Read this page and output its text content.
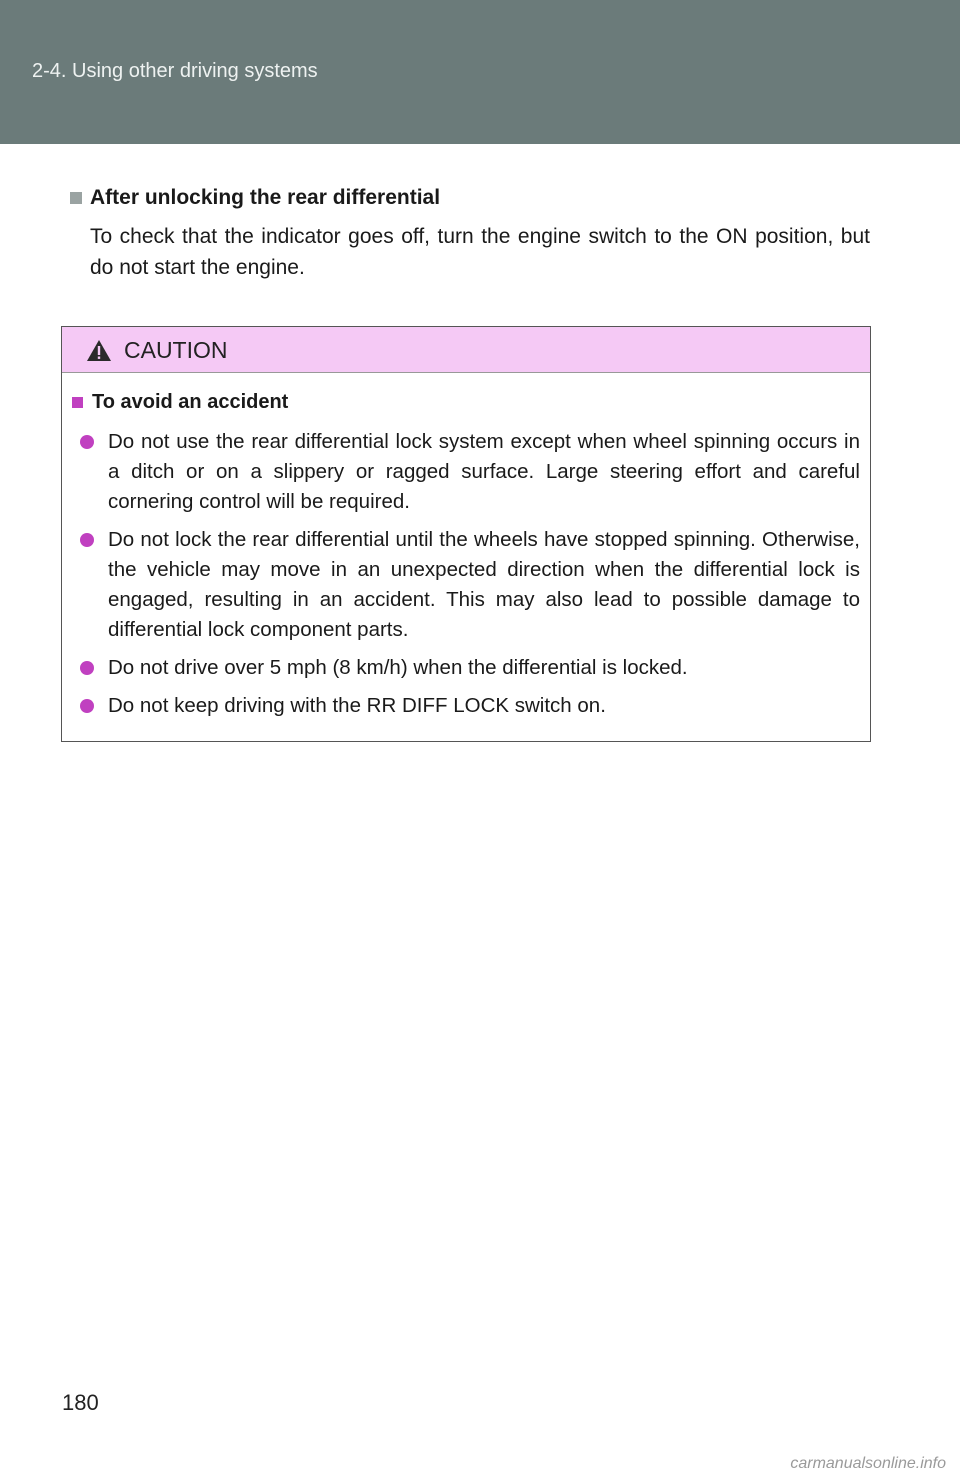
2-4. Using other driving systems
After unlocking the rear differential
To check that the indicator goes off, turn the engine switch to the ON position, but do not start the engine.
CAUTION
To avoid an accident
Do not use the rear differential lock system except when wheel spinning occurs in a ditch or on a slippery or ragged surface. Large steering effort and careful cornering control will be required.
Do not lock the rear differential until the wheels have stopped spinning. Otherwise, the vehicle may move in an unexpected direction when the differential lock is engaged, resulting in an accident. This may also lead to possible damage to differential lock component parts.
Do not drive over 5 mph (8 km/h) when the differential is locked.
Do not keep driving with the RR DIFF LOCK switch on.
180
carmanualsonline.info
